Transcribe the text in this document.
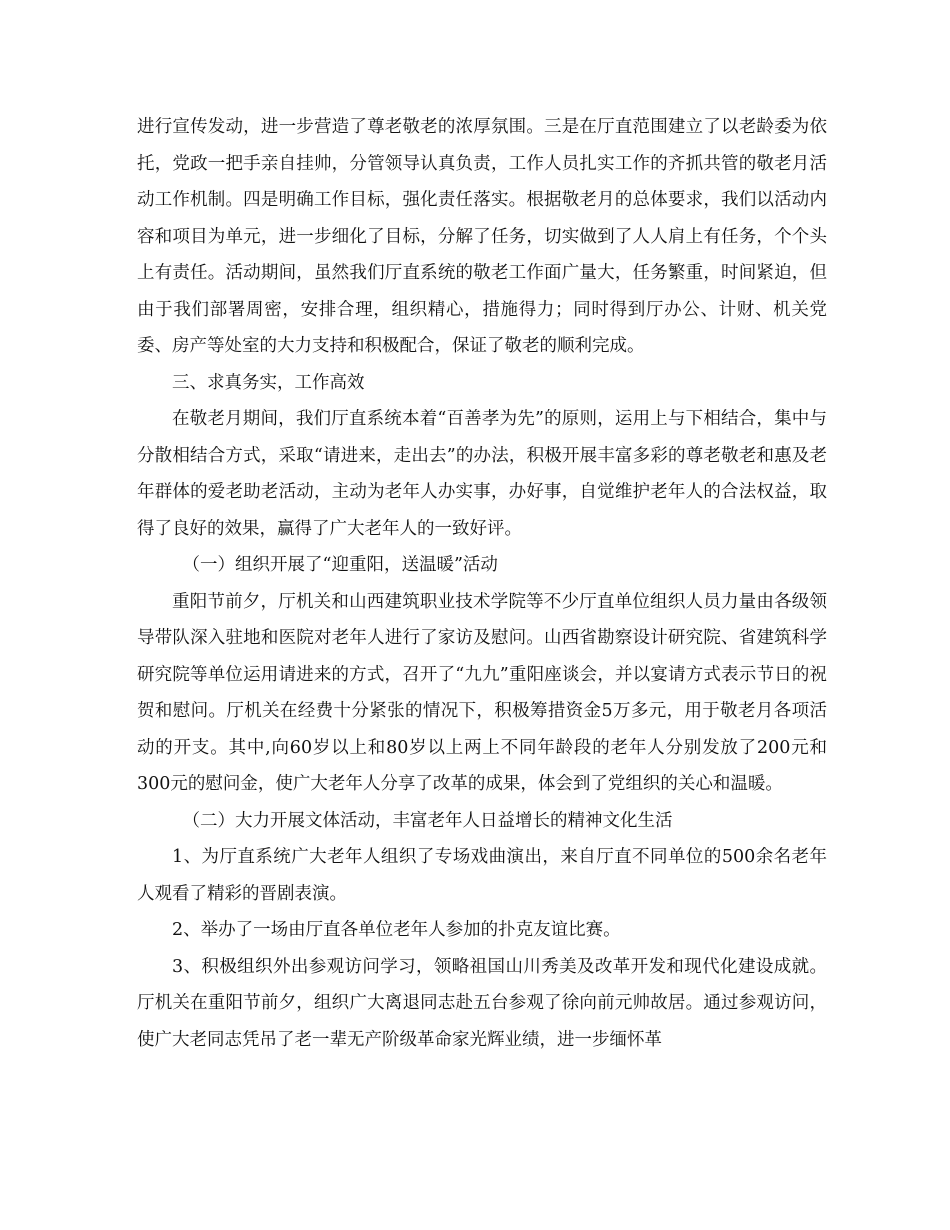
进行宣传发动，进一步营造了尊老敬老的浓厚氛围。三是在厅直范围建立了以老龄委为依托，党政一把手亲自挂帅，分管领导认真负责，工作人员扎实工作的齐抓共管的敬老月活动工作机制。四是明确工作目标，强化责任落实。根据敬老月的总体要求，我们以活动内容和项目为单元，进一步细化了目标，分解了任务，切实做到了人人肩上有任务，个个头上有责任。活动期间，虽然我们厅直系统的敬老工作面广量大，任务繁重，时间紧迫，但由于我们部署周密，安排合理，组织精心，措施得力；同时得到厅办公、计财、机关党委、房产等处室的大力支持和积极配合，保证了敬老的顺利完成。

三、求真务实，工作高效

在敬老月期间，我们厅直系统本着“百善孝为先”的原则，运用上与下相结合，集中与分散相结合方式，采取“请进来，走出去”的办法，积极开展丰富多彩的尊老敬老和惠及老年群体的爱老助老活动，主动为老年人办实事，办好事，自觉维护老年人的合法权益，取得了良好的效果，赢得了广大老年人的一致好评。

（一）组织开展了“迎重阳，送温暖”活动

重阳节前夕，厅机关和山西建筑职业技术学院等不少厅直单位组织人员力量由各级领导带队深入驻地和医院对老年人进行了家访及慰问。山西省勘察设计研究院、省建筑科学研究院等单位运用请进来的方式，召开了“九九”重阳座谈会，并以宴请方式表示节日的祝贺和慰问。厅机关在经费十分紧张的情况下，积极筹措资金5万多元，用于敬老月各项活动的开支。其中,向60岁以上和80岁以上两上不同年龄段的老年人分别发放了200元和300元的慰问金，使广大老年人分享了改革的成果，体会到了党组织的关心和温暖。

（二）大力开展文体活动，丰富老年人日益增长的精神文化生活

1、为厅直系统广大老年人组织了专场戏曲演出，来自厅直不同单位的500余名老年人观看了精彩的晋剧表演。

2、举办了一场由厅直各单位老年人参加的扑克友谊比赛。

3、积极组织外出参观访问学习，领略祖国山川秀美及改革开发和现代化建设成就。厅机关在重阳节前夕，组织广大离退同志赴五台参观了徐向前元帅故居。通过参观访问，使广大老同志凭吊了老一辈无产阶级革命家光辉业绩，进一步缅怀革
